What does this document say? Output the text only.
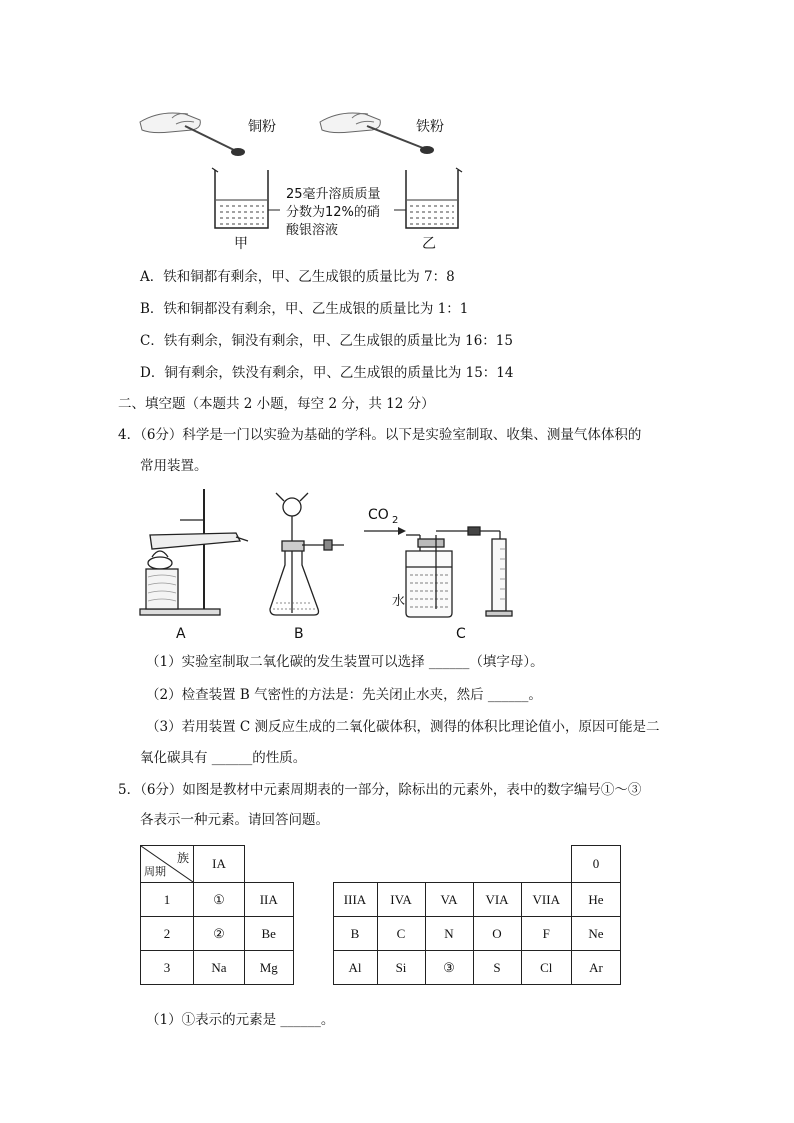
铜粉
甲
25毫升溶质质量
分数为12%的硝
酸银溶液
铁粉
乙
A．铁和铜都有剩余，甲、乙生成银的质量比为 7：8
B．铁和铜都没有剩余，甲、乙生成银的质量比为 1：1
C．铁有剩余，铜没有剩余，甲、乙生成银的质量比为 16：15
D．铜有剩余，铁没有剩余，甲、乙生成银的质量比为 15：14
二、填空题（本题共 2 小题，每空 2 分，共 12 分）
4．（6分）科学是一门以实验为基础的学科。以下是实验室制取、收集、测量气体体积的
常用装置。
A	B
CO 2
水
C
（1）实验室制取二氧化碳的发生装置可以选择 ______（填字母）。
（2）检查装置 B 气密性的方法是：先关闭止水夹，然后 ______。
（3）若用装置 C 测反应生成的二氧化碳体积，测得的体积比理论值小，原因可能是二
氧化碳具有 ______的性质。
5．（6分）如图是教材中元素周期表的一部分，除标出的元素外，表中的数字编号①～③
各表示一种元素。请回答问题。
族
周期	IA								0
1	①	IIA		IIIA	IVA	VA	VIA	VIIA	He
2	②	Be		B	C	N	O	F	Ne
3	Na	Mg		Al	Si	③	S	Cl	Ar
（1）①表示的元素是 ______。
